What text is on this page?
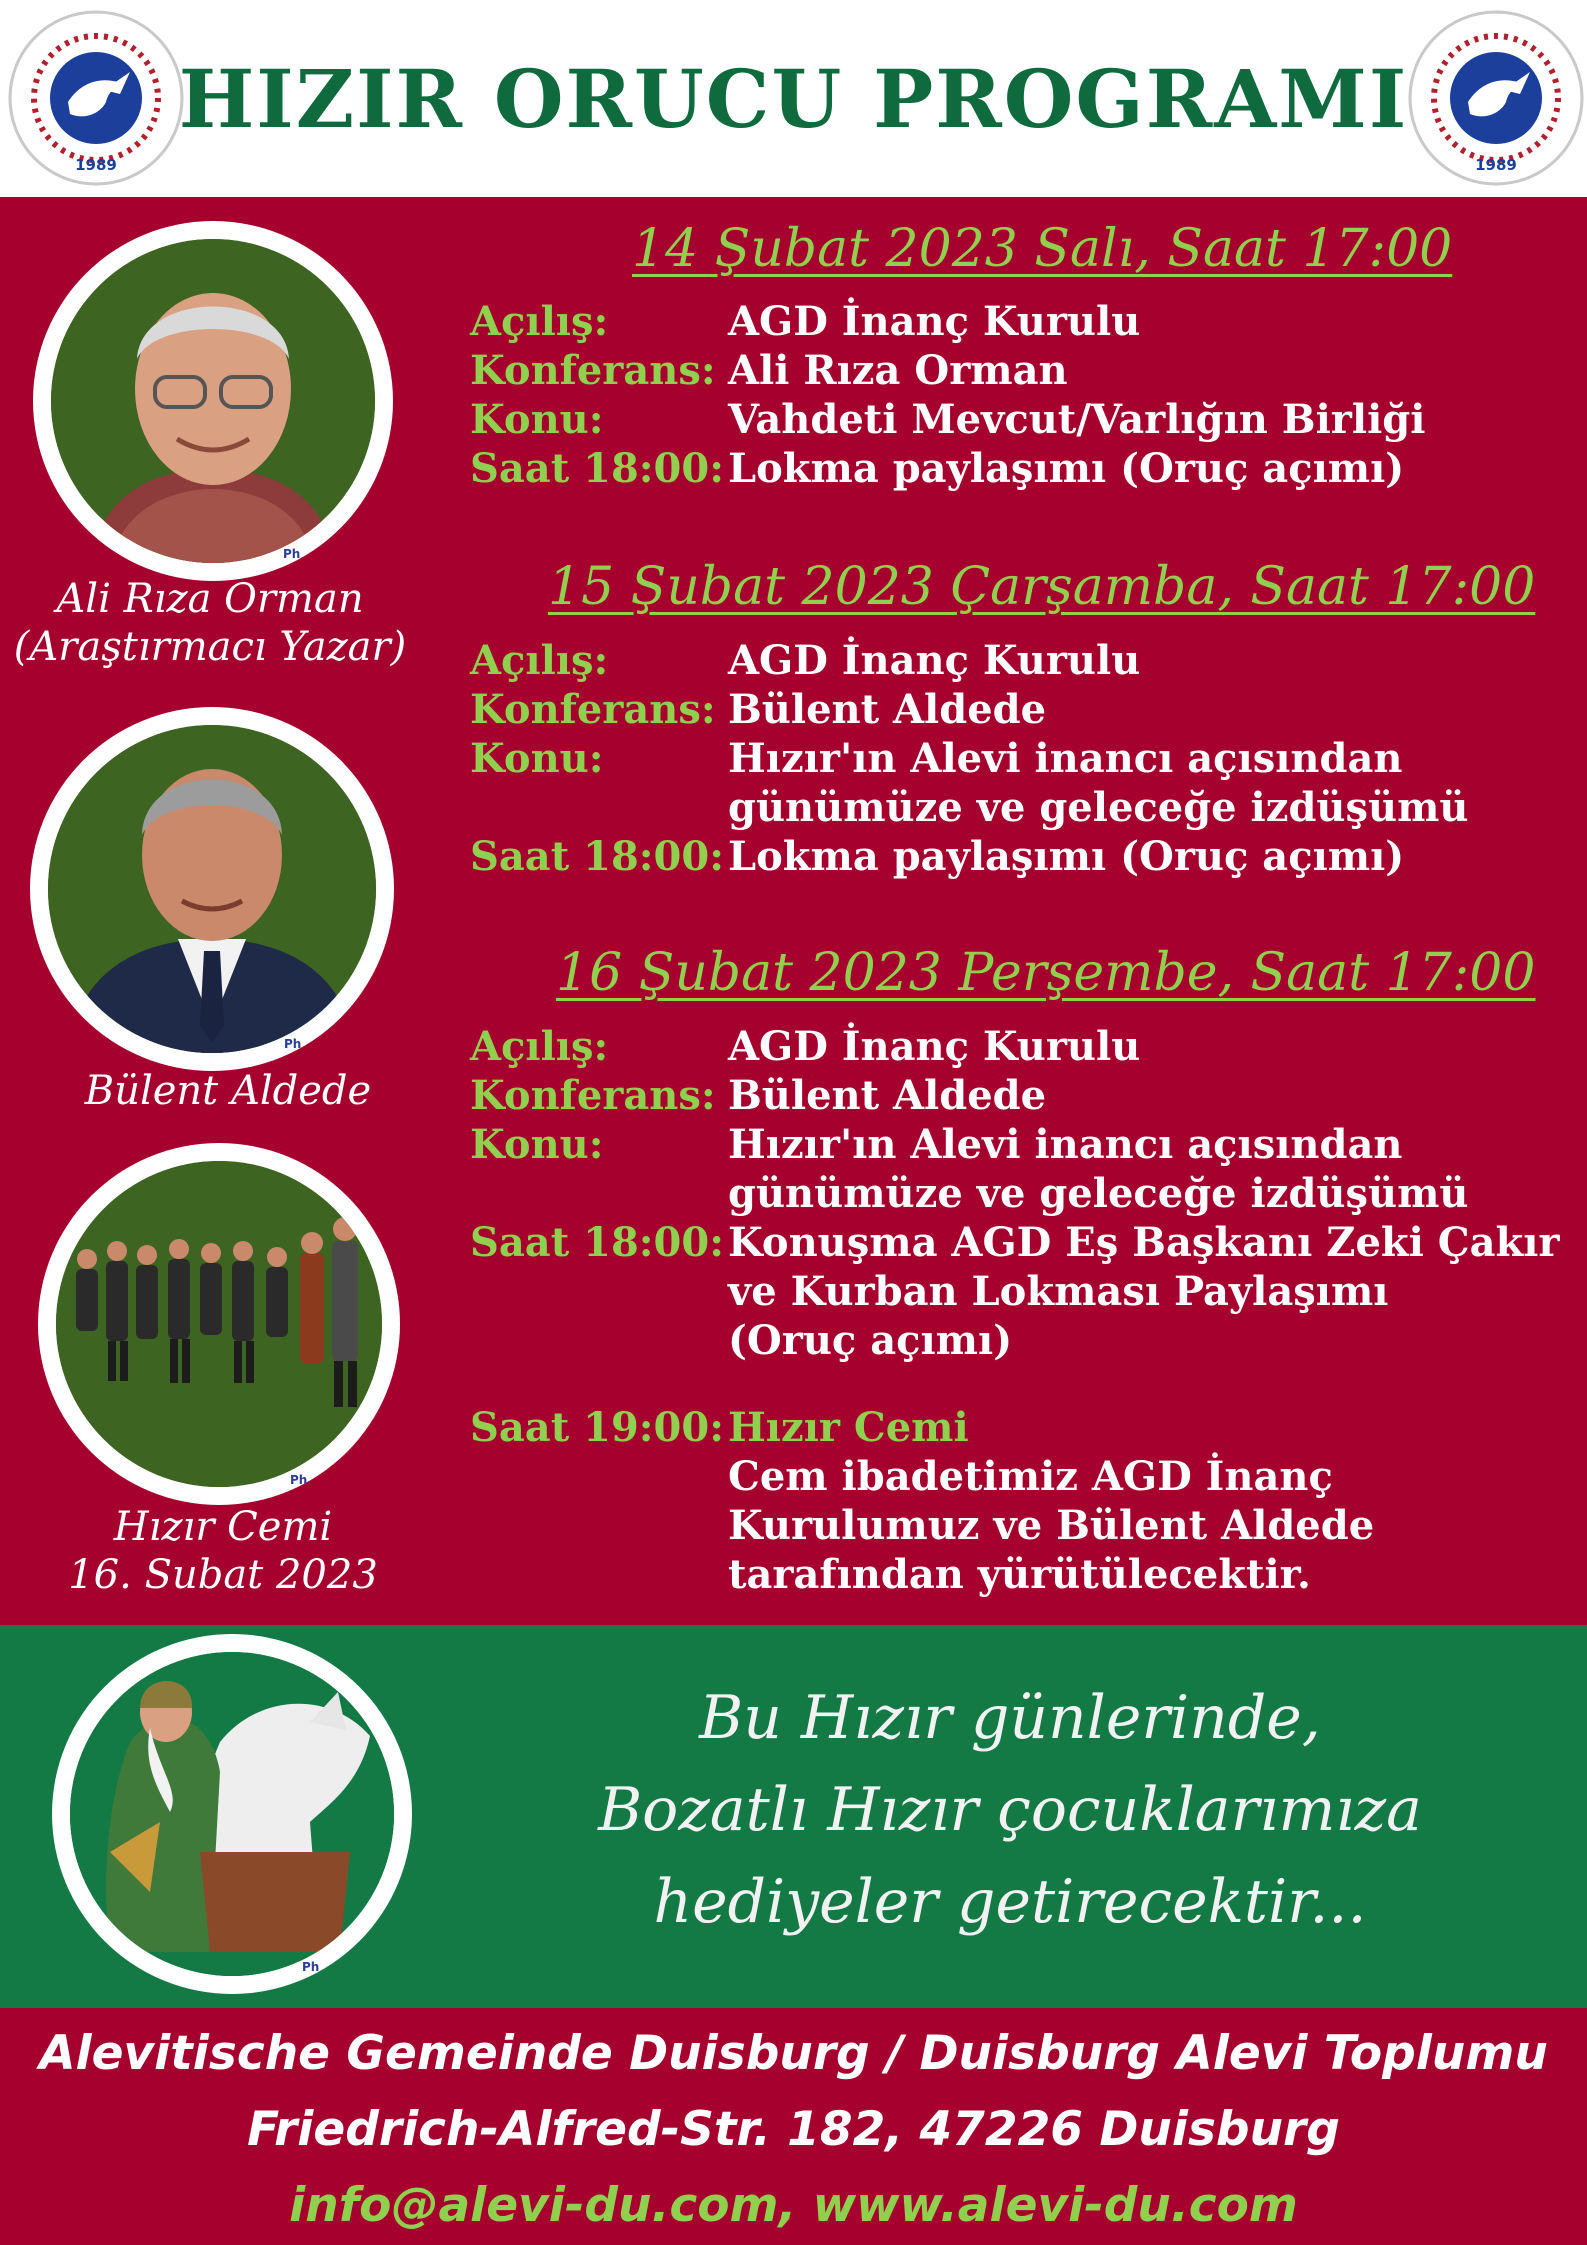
1989
HIZIR ORUCU PROGRAMI
1989
Ph
Ali Rıza Orman
(Araştırmacı Yazar)
Ph
Bülent Aldede
Ph
Hızır Cemi
16. Subat 2023
14 Şubat 2023 Salı, Saat 17:00
Açılış:	AGD İnanç Kurulu
Konferans: Ali Rıza Orman
Konu:	Vahdeti Mevcut/Varlığın Birliği
Saat 18:00: Lokma paylaşımı (Oruç açımı)
15 Şubat 2023 Çarşamba, Saat 17:00
Açılış:	AGD İnanç Kurulu
Konferans: Bülent Aldede
Konu:	Hızır'ın Alevi inancı açısından
günümüze ve geleceğe izdüşümü
Saat 18:00: Lokma paylaşımı (Oruç açımı)
16 Şubat 2023 Perşembe, Saat 17:00
Açılış:	AGD İnanç Kurulu
Konferans: Bülent Aldede
Konu:	Hızır'ın Alevi inancı açısından
günümüze ve geleceğe izdüşümü
Saat 18:00: Konuşma AGD Eş Başkanı Zeki Çakır
ve Kurban Lokması Paylaşımı
(Oruç açımı)
Saat 19:00: Hızır Cemi
Cem ibadetimiz AGD İnanç
Kurulumuz ve Bülent Aldede
tarafından yürütülecektir.
Ph
Bu Hızır günlerinde,
Bozatlı Hızır çocuklarımıza
hediyeler getirecektir...
Alevitische Gemeinde Duisburg / Duisburg Alevi Toplumu
Friedrich-Alfred-Str. 182, 47226 Duisburg
info@alevi-du.com, www.alevi-du.com
